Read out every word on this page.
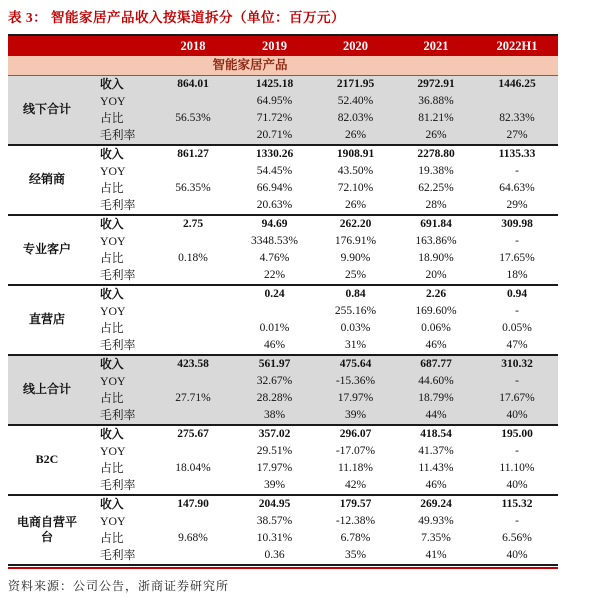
表 3： 智能家居产品收入按渠道拆分（单位：百万元）
		2018	2019	2020	2021	2022H1
智能家居产品						
线下合计	收入	864.01	1425.18	2171.95	2972.91	1446.25
	YOY		64.95%	52.40%	36.88%	
	占比	56.53%	71.72%	82.03%	81.21%	82.33%
	毛利率		20.71%	26%	26%	27%
经销商	收入	861.27	1330.26	1908.91	2278.80	1135.33
	YOY		54.45%	43.50%	19.38%	-
	占比	56.35%	66.94%	72.10%	62.25%	64.63%
	毛利率		20.63%	26%	28%	29%
专业客户	收入	2.75	94.69	262.20	691.84	309.98
	YOY		3348.53%	176.91%	163.86%	-
	占比	0.18%	4.76%	9.90%	18.90%	17.65%
	毛利率		22%	25%	20%	18%
直营店	收入		0.24	0.84	2.26	0.94
	YOY			255.16%	169.60%	-
	占比		0.01%	0.03%	0.06%	0.05%
	毛利率		46%	31%	46%	47%
线上合计	收入	423.58	561.97	475.64	687.77	310.32
	YOY		32.67%	-15.36%	44.60%	-
	占比	27.71%	28.28%	17.97%	18.79%	17.67%
	毛利率		38%	39%	44%	40%
B2C	收入	275.67	357.02	296.07	418.54	195.00
	YOY		29.51%	-17.07%	41.37%	-
	占比	18.04%	17.97%	11.18%	11.43%	11.10%
	毛利率		39%	42%	46%	40%
电商自营平台	收入	147.90	204.95	179.57	269.24	115.32
	YOY		38.57%	-12.38%	49.93%	-
	占比	9.68%	10.31%	6.78%	7.35%	6.56%
	毛利率		0.36	35%	41%	40%
资料来源：公司公告，浙商证券研究所
